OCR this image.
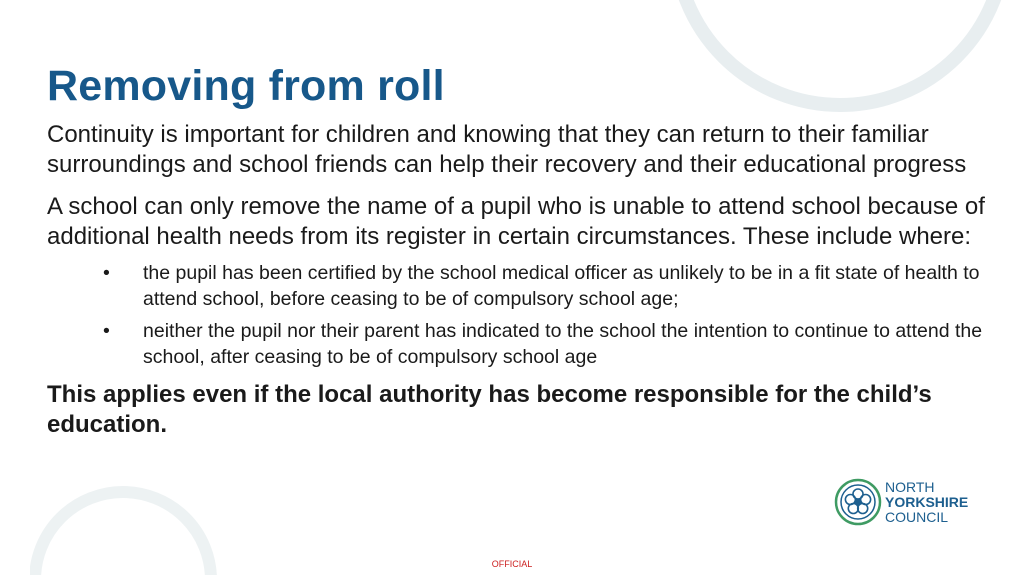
Removing from roll

Continuity is important for children and knowing that they can return to their familiar surroundings and school friends can help their recovery and their educational progress

A school can only remove the name of a pupil who is unable to attend school because of additional health needs from its register in certain circumstances. These include where:

• the pupil has been certified by the school medical officer as unlikely to be in a fit state of health to attend school, before ceasing to be of compulsory school age;
• neither the pupil nor their parent has indicated to the school the intention to continue to attend the school, after ceasing to be of compulsory school age

This applies even if the local authority has become responsible for the child’s education.

NORTH
YORKSHIRE
COUNCIL
OFFICIAL
